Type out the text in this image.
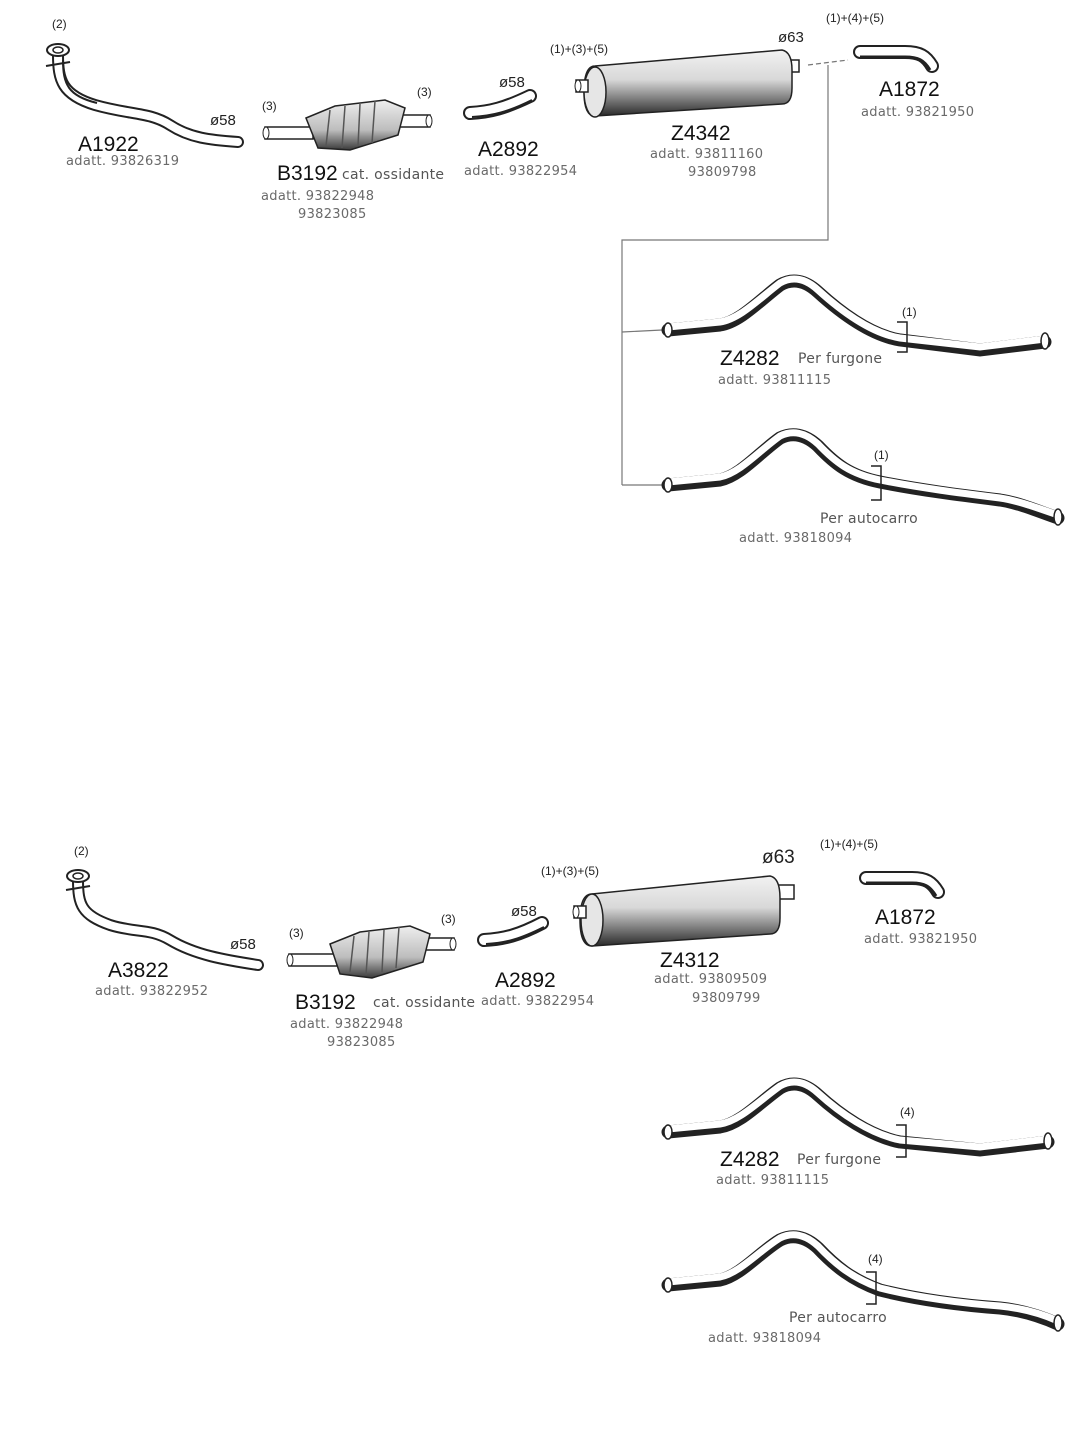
(2)
ø58
A1922
adatt. 93826319
(3)
(3)
B3192 cat. ossidante
adatt. 93822948
93823085
ø58
A2892
adatt. 93822954
(1)+(3)+(5)
ø63
Z4342
adatt. 93811160
93809798
(1)+(4)+(5)
A1872
adatt. 93821950
(1)
Z4282 Per furgone
adatt. 93811115
(1)
Per autocarro
adatt. 93818094
(2)
ø58
A3822
adatt. 93822952
(3)
(3)
B3192 cat. ossidante
adatt. 93822948
93823085
ø58
A2892
adatt. 93822954
(1)+(3)+(5)
ø63
Z4312
adatt. 93809509
93809799
(1)+(4)+(5)
A1872
adatt. 93821950
(4)
Z4282 Per furgone
adatt. 93811115
(4)
Per autocarro
adatt. 93818094
